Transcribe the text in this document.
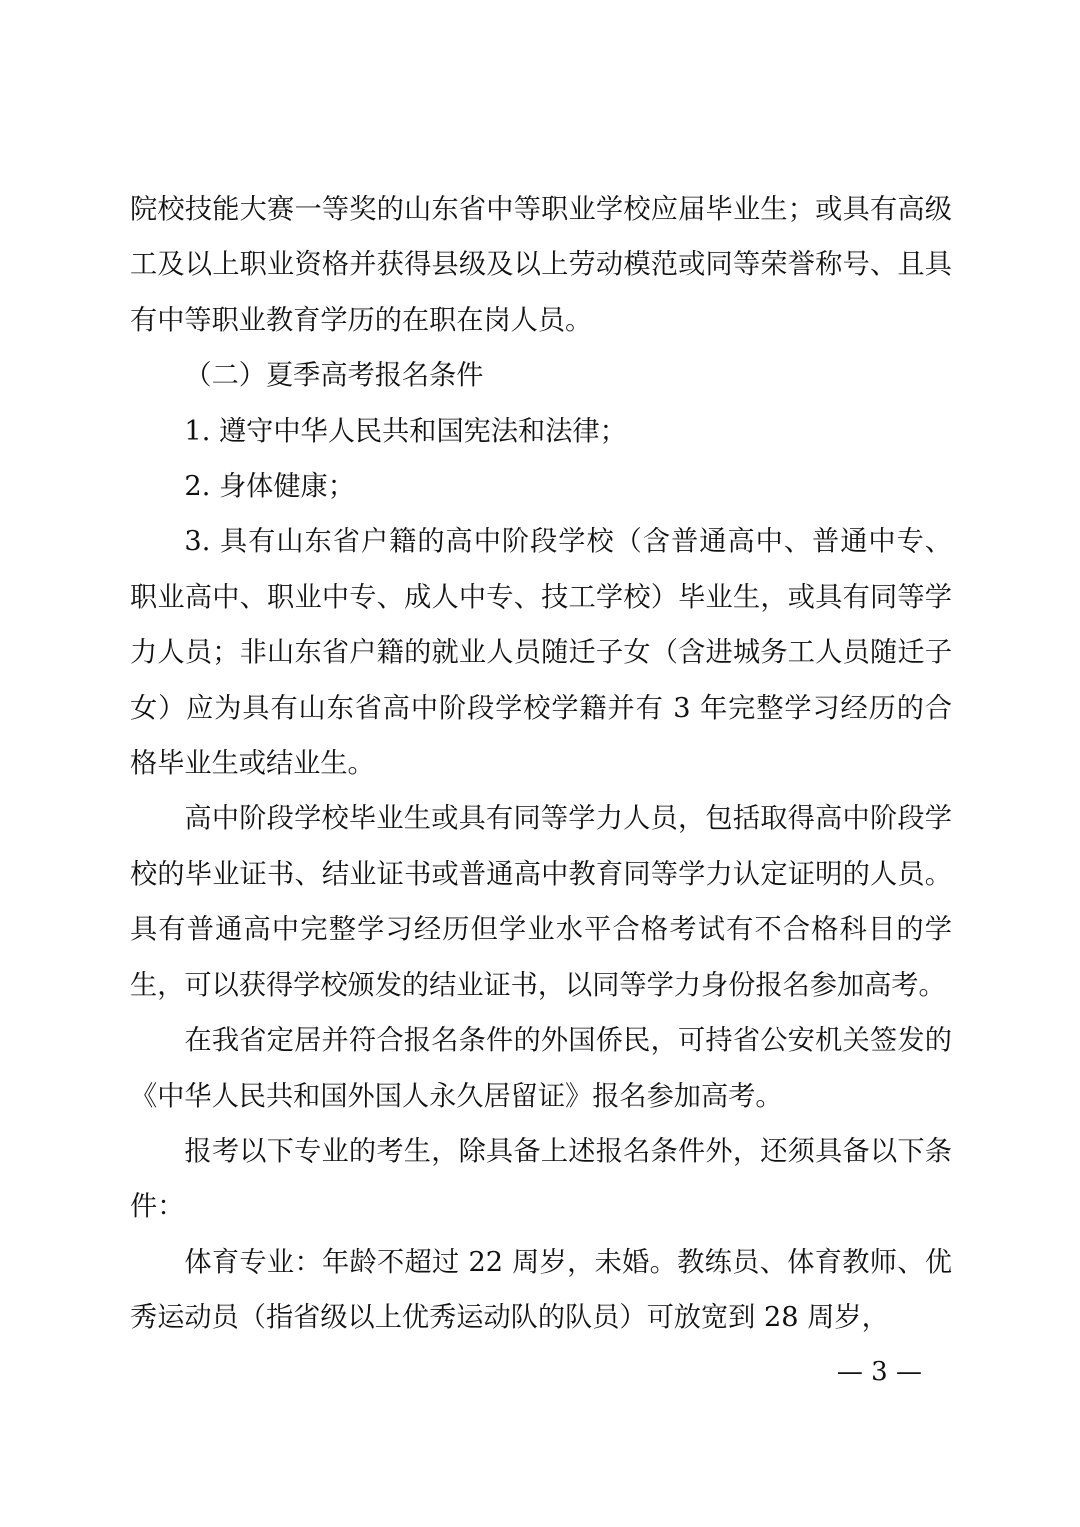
院校技能大赛一等奖的山东省中等职业学校应届毕业生；或具有高级工及以上职业资格并获得县级及以上劳动模范或同等荣誉称号、且具有中等职业教育学历的在职在岗人员。

（二）夏季高考报名条件

1. 遵守中华人民共和国宪法和法律；

2. 身体健康；

3. 具有山东省户籍的高中阶段学校（含普通高中、普通中专、职业高中、职业中专、成人中专、技工学校）毕业生，或具有同等学力人员；非山东省户籍的就业人员随迁子女（含进城务工人员随迁子女）应为具有山东省高中阶段学校学籍并有 3 年完整学习经历的合格毕业生或结业生。

高中阶段学校毕业生或具有同等学力人员，包括取得高中阶段学校的毕业证书、结业证书或普通高中教育同等学力认定证明的人员。具有普通高中完整学习经历但学业水平合格考试有不合格科目的学生，可以获得学校颁发的结业证书，以同等学力身份报名参加高考。

在我省定居并符合报名条件的外国侨民，可持省公安机关签发的《中华人民共和国外国人永久居留证》报名参加高考。

报考以下专业的考生，除具备上述报名条件外，还须具备以下条件：

体育专业：年龄不超过 22 周岁，未婚。教练员、体育教师、优秀运动员（指省级以上优秀运动队的队员）可放宽到 28 周岁，

— 3 —
